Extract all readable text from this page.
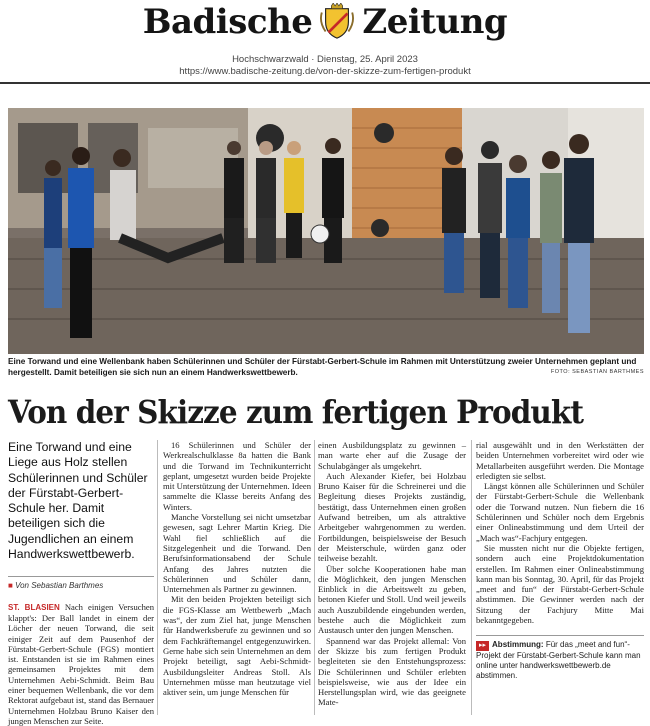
Badische Zeitung
Hochschwarzwald · Dienstag, 25. April 2023
https://www.badische-zeitung.de/von-der-skizze-zum-fertigen-produkt
Eine Torwand und eine Wellenbank haben Schülerinnen und Schüler der Fürstabt-Gerbert-Schule im Rahmen mit Unterstützung zweier Unternehmen geplant und hergestellt. Damit beteiligen sie sich nun an einem Handwerkswettbewerb.	FOTO: SEBASTIAN BARTHMES
Von der Skizze zum fertigen Produkt
Eine Torwand und eine Liege aus Holz stellen Schülerinnen und Schüler der Fürstabt-Gerbert-Schule her. Damit beteiligen sich die Jugendlichen an einem Handwerkswettbewerb.
■ Von Sebastian Barthmes

ST. BLASIEN Nach einigen Versuchen klappt's: Der Ball landet in einem der Löcher der neuen Torwand, die seit einiger Zeit auf dem Pausenhof der Fürstabt-Gerbert-Schule (FGS) montiert ist. Entstanden ist sie im Rahmen eines gemeinsamen Projektes mit dem Unternehmen Aebi-Schmidt. Beim Bau einer bequemen Wellenbank, die vor dem Rektorat aufgebaut ist, stand das Bernauer Unternehmen Holzbau Bruno Kaiser den jungen Menschen zur Seite.

16 Schülerinnen und Schüler der Werkrealschulklasse 8a hatten die Bank und die Torwand im Technikunterricht geplant, umgesetzt wurden beide Projekte mit Unterstützung der Unternehmen. Ideen sammelte die Klasse bereits Anfang des Winters.

Manche Vorstellung sei nicht umsetzbar gewesen, sagt Lehrer Martin Krieg. Die Wahl fiel schließlich auf die Sitzgelegenheit und die Torwand. Den Berufsinformationsabend der Schule Anfang des Jahres nutzten die Schülerinnen und Schüler dann, Unternehmen als Partner zu gewinnen.

Mit den beiden Projekten beteiligt sich die FGS-Klasse am Wettbewerb „Mach was“, der zum Ziel hat, junge Menschen für Handwerksberufe zu gewinnen und so dem Fachkräftemangel entgegenzuwirken. Gerne habe sich sein Unternehmen an dem Projekt beteiligt, sagt Aebi-Schmidt-Ausbildungsleiter Andreas Stoll. Als Unternehmen müsse man heutzutage viel aktiver sein, um junge Menschen für

einen Ausbildungsplatz zu gewinnen – man warte eher auf die Zusage der Schulabgänger als umgekehrt.

Auch Alexander Kiefer, bei Holzbau Bruno Kaiser für die Schreinerei und die Begleitung dieses Projekts zuständig, bestätigt, dass Unternehmen einen großen Aufwand betreiben, um als attraktive Arbeitgeber wahrgenommen zu werden. Fortbildungen, beispielsweise der Besuch der Meisterschule, würden ganz oder teilweise bezahlt.

Über solche Kooperationen habe man die Möglichkeit, den jungen Menschen Einblick in die Arbeitswelt zu geben, betonen Kiefer und Stoll. Und weil jeweils auch Auszubildende eingebunden werden, bestehe auch die Möglichkeit zum Austausch unter den jungen Menschen.

Spannend war das Projekt allemal: Von der Skizze bis zum fertigen Produkt begleiteten sie den Entstehungsprozess: Die Schülerinnen und Schüler erlebten beispielsweise, wie aus der Idee ein Herstellungsplan wird, wie das geeignete Mate-

rial ausgewählt und in den Werkstätten der beiden Unternehmen vorbereitet wird oder wie Metallarbeiten ausgeführt werden. Die Montage erledigten sie selbst.

Längst können alle Schülerinnen und Schüler der Fürstabt-Gerbert-Schule die Wellenbank oder die Torwand nutzen. Nun fiebern die 16 Schülerinnen und Schüler noch dem Ergebnis einer Onlineabstimmung und dem Urteil der „Mach was“-Fachjury entgegen.

Sie mussten nicht nur die Objekte fertigen, sondern auch eine Projektdokumentation erstellen. Im Rahmen einer Onlineabstimmung kann man bis Sonntag, 30. April, für das Projekt „meet and fun“ der Fürstabt-Gerbert-Schule abstimmen. Die Gewinner werden nach der Sitzung der Fachjury Mitte Mai bekanntgegeben.

▸▸ Abstimmung: Für das „meet and fun“-Projekt der Fürstabt-Gerbert-Schule kann man online unter handwerkswettbewerb.de abstimmen.
